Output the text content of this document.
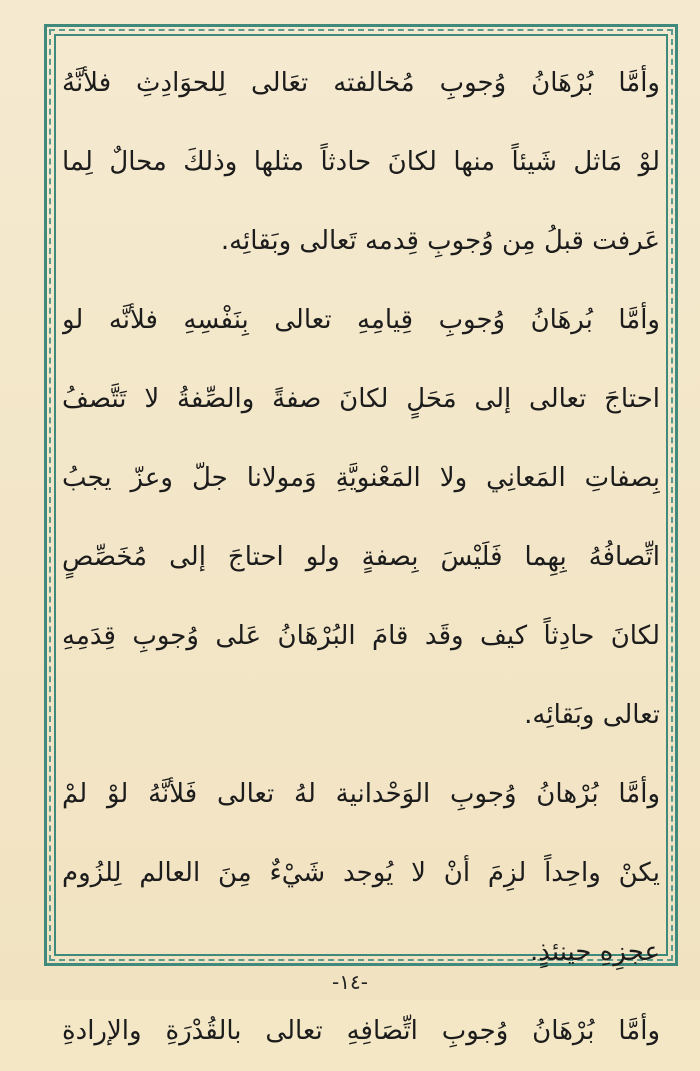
وأمَّا بُرْهَانُ وُجوبِ مُخالفته تعَالى لِلحوَادِثِ فلأنَّهُ
لوْ مَاثل شَيئاً منها لكانَ حادثاً مثلها وذلكَ محالٌ لِما
عَرفت قبلُ مِن وُجوبِ قِدمه تَعالى وبَقائِه.
وأمَّا بُرهَانُ وُجوبِ قِيامِهِ تعالى بِنَفْسِهِ فلأنَّه لو
احتاجَ تعالى إلى مَحَلٍ لكانَ صفةً والصِّفةُ لا تَتَّصفُ
بِصفاتِ المَعانِي ولا المَعْنويَّةِ وَمولانا جلّ وعزّ يجبُ
اتِّصافُهُ بِهِما فَلَيْسَ بِصفةٍ ولو احتاجَ إلى مُخَصِّصٍ
لكانَ حادِثاً كيف وقَد قامَ البُرْهَانُ عَلى وُجوبِ قِدَمِهِ
تعالى وبَقائِه.
وأمَّا بُرْهانُ وُجوبِ الوَحْدانية لهُ تعالى فَلأنَّهُ لوْ لمْ
يكنْ واحِداً لزِمَ أنْ لا يُوجد شَيْءٌ مِنَ العالم لِلزُوم
عجزِهِ حينئذٍ.
وأمَّا بُرْهَانُ وُجوبِ اتِّصَافِهِ تعالى بالقُدْرَةِ والإرادةِ
-١٤-
